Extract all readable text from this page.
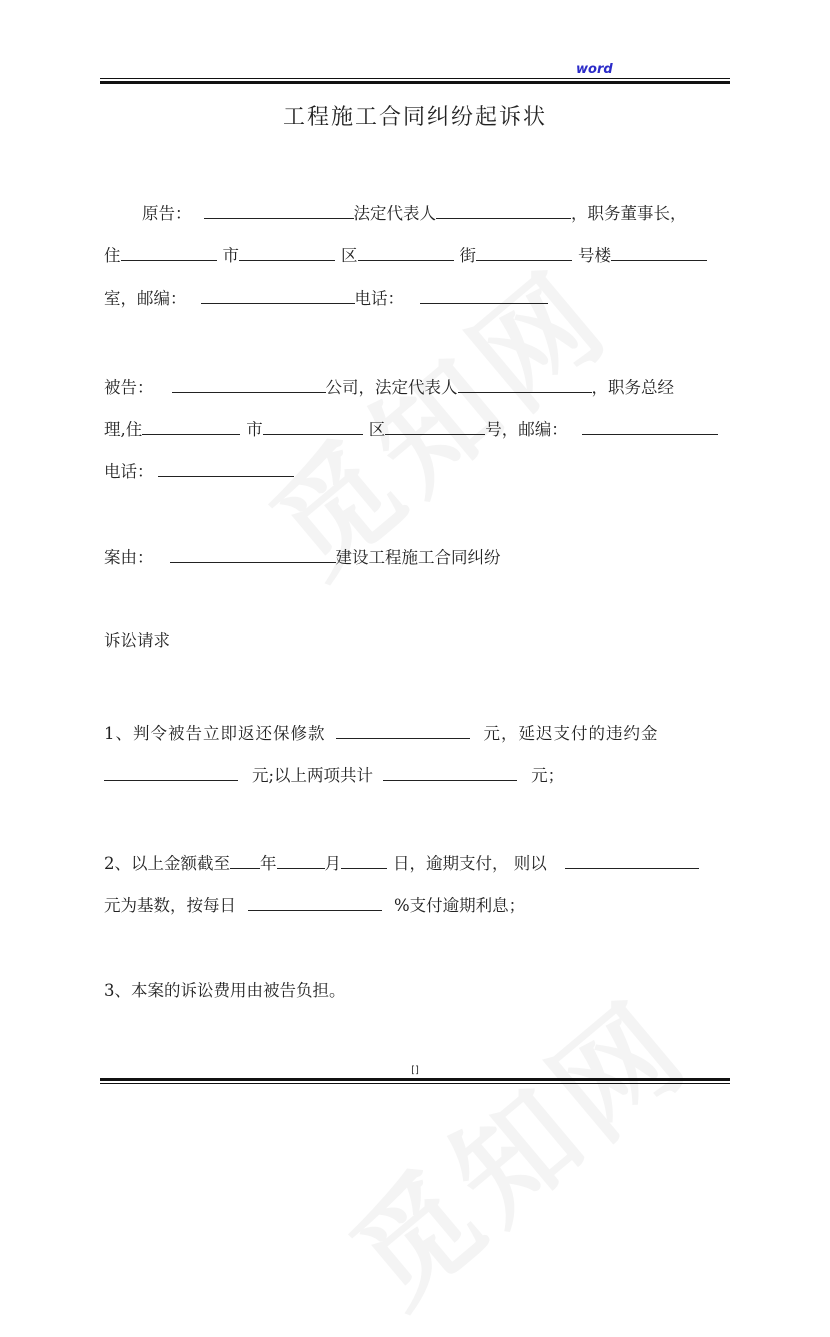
word
工程施工合同纠纷起诉状
原告：	法定代表人	，职务董事长，
住	市	区	街	号楼
室，邮编：	电话：
被告：	公司，法定代表人	，职务总经
理,住	市	区	号，邮编：
电话：
案由：	建设工程施工合同纠纷
诉讼请求
1、判令被告立即返还保修款	元，延迟支付的违约金
元;以上两项共计	元；
2、以上金额截至 年	月	日，逾期支付， 则以
元为基数，按每日	%支付逾期利息；
3、本案的诉讼费用由被告负担。
[]
